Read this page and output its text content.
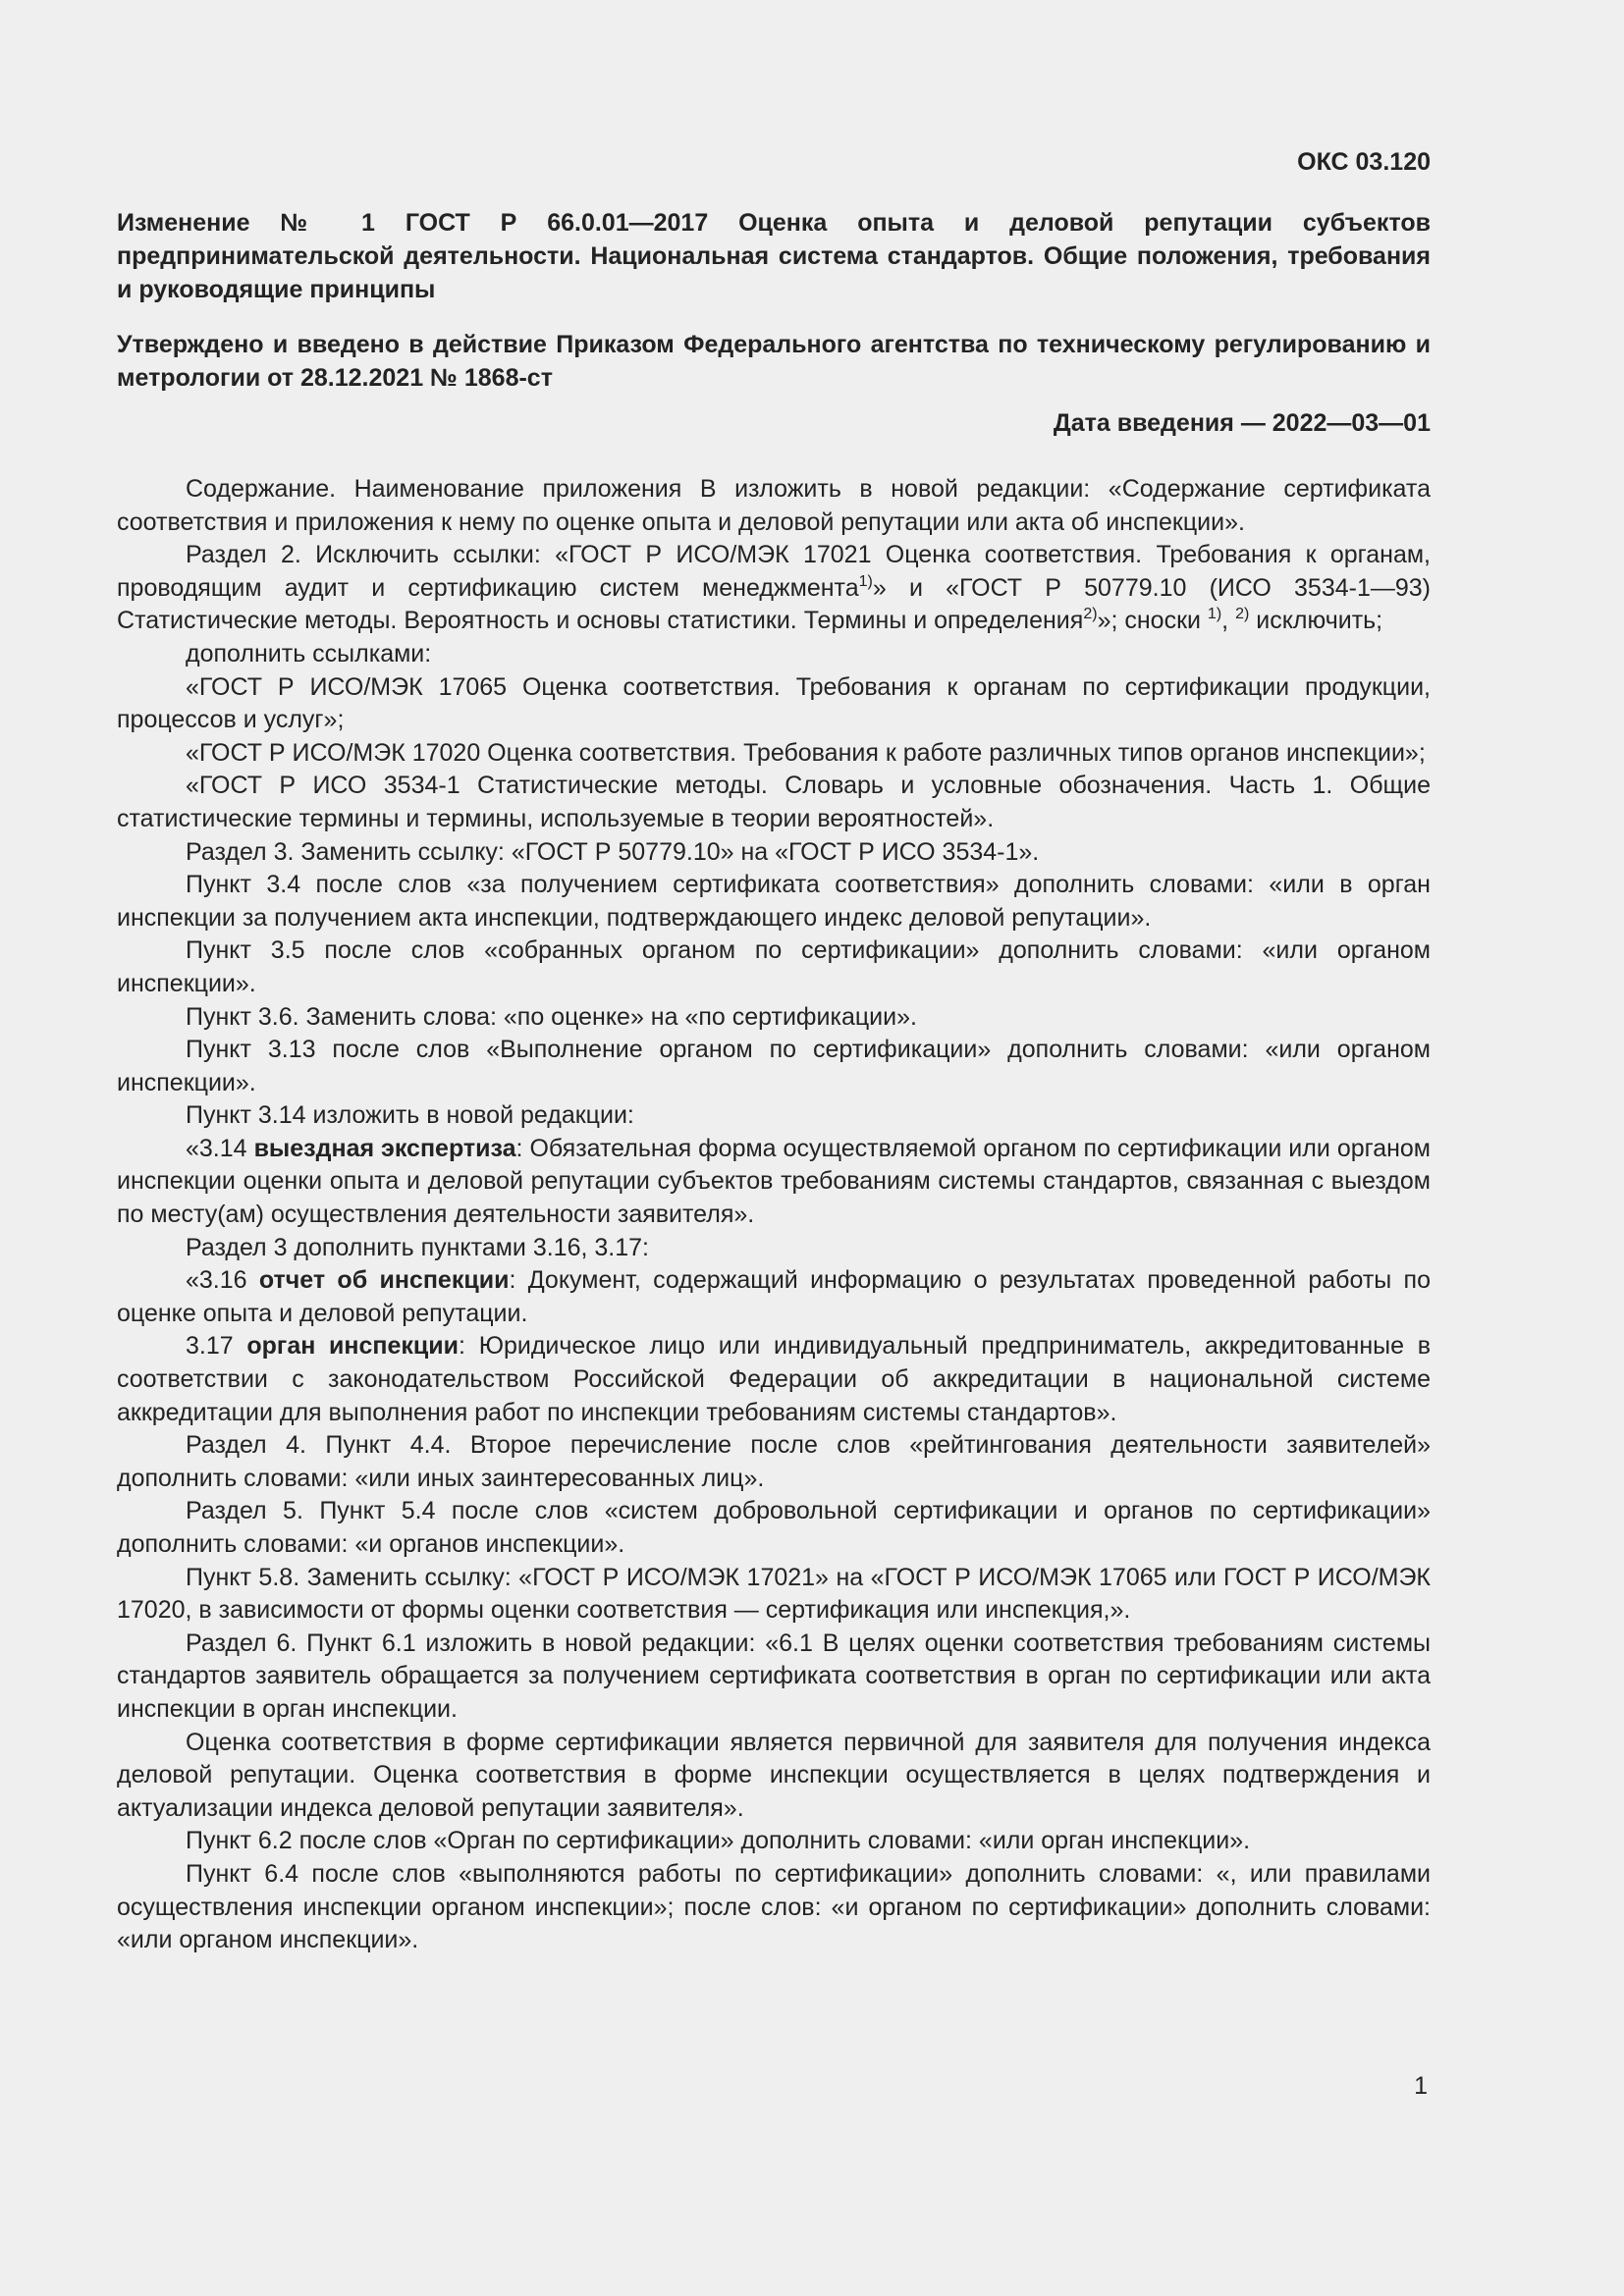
ОКС 03.120
Изменение № 1 ГОСТ Р 66.0.01—2017 Оценка опыта и деловой репутации субъектов предпринимательской деятельности. Национальная система стандартов. Общие положения, требования и руководящие принципы
Утверждено и введено в действие Приказом Федерального агентства по техническому регулированию и метрологии от 28.12.2021 № 1868-ст
Дата введения — 2022—03—01

Содержание. Наименование приложения В изложить в новой редакции: «Содержание сертификата соответствия и приложения к нему по оценке опыта и деловой репутации или акта об инспекции».

Раздел 2. Исключить ссылки: «ГОСТ Р ИСО/МЭК 17021 Оценка соответствия. Требования к органам, проводящим аудит и сертификацию систем менеджмента$^{1)}$» и «ГОСТ Р 50779.10 (ИСО 3534-1—93) Статистические методы. Вероятность и основы статистики. Термины и определения$^{2)}$»; сноски $^{1)}$, $^{2)}$ исключить;

дополнить ссылками:

«ГОСТ Р ИСО/МЭК 17065 Оценка соответствия. Требования к органам по сертификации продукции, процессов и услуг»;

«ГОСТ Р ИСО/МЭК 17020 Оценка соответствия. Требования к работе различных типов органов инспекции»;

«ГОСТ Р ИСО 3534-1 Статистические методы. Словарь и условные обозначения. Часть 1. Общие статистические термины и термины, используемые в теории вероятностей».

Раздел 3. Заменить ссылку: «ГОСТ Р 50779.10» на «ГОСТ Р ИСО 3534-1».

Пункт 3.4 после слов «за получением сертификата соответствия» дополнить словами: «или в орган инспекции за получением акта инспекции, подтверждающего индекс деловой репутации».

Пункт 3.5 после слов «собранных органом по сертификации» дополнить словами: «или органом инспекции».

Пункт 3.6. Заменить слова: «по оценке» на «по сертификации».

Пункт 3.13 после слов «Выполнение органом по сертификации» дополнить словами: «или органом инспекции».

Пункт 3.14 изложить в новой редакции:

«3.14 выездная экспертиза: Обязательная форма осуществляемой органом по сертификации или органом инспекции оценки опыта и деловой репутации субъектов требованиям системы стандартов, связанная с выездом по месту(ам) осуществления деятельности заявителя».

Раздел 3 дополнить пунктами 3.16, 3.17:

«3.16 отчет об инспекции: Документ, содержащий информацию о результатах проведенной работы по оценке опыта и деловой репутации.

3.17 орган инспекции: Юридическое лицо или индивидуальный предприниматель, аккредитованные в соответствии с законодательством Российской Федерации об аккредитации в национальной системе аккредитации для выполнения работ по инспекции требованиям системы стандартов».

Раздел 4. Пункт 4.4. Второе перечисление после слов «рейтингования деятельности заявителей» дополнить словами: «или иных заинтересованных лиц».

Раздел 5. Пункт 5.4 после слов «систем добровольной сертификации и органов по сертификации» дополнить словами: «и органов инспекции».

Пункт 5.8. Заменить ссылку: «ГОСТ Р ИСО/МЭК 17021» на «ГОСТ Р ИСО/МЭК 17065 или ГОСТ Р ИСО/МЭК 17020, в зависимости от формы оценки соответствия — сертификация или инспекция,».

Раздел 6. Пункт 6.1 изложить в новой редакции: «6.1 В целях оценки соответствия требованиям системы стандартов заявитель обращается за получением сертификата соответствия в орган по сертификации или акта инспекции в орган инспекции.

Оценка соответствия в форме сертификации является первичной для заявителя для получения индекса деловой репутации. Оценка соответствия в форме инспекции осуществляется в целях подтверждения и актуализации индекса деловой репутации заявителя».

Пункт 6.2 после слов «Орган по сертификации» дополнить словами: «или орган инспекции».

Пункт 6.4 после слов «выполняются работы по сертификации» дополнить словами: «, или правилами осуществления инспекции органом инспекции»; после слов: «и органом по сертификации» дополнить словами: «или органом инспекции».

1
